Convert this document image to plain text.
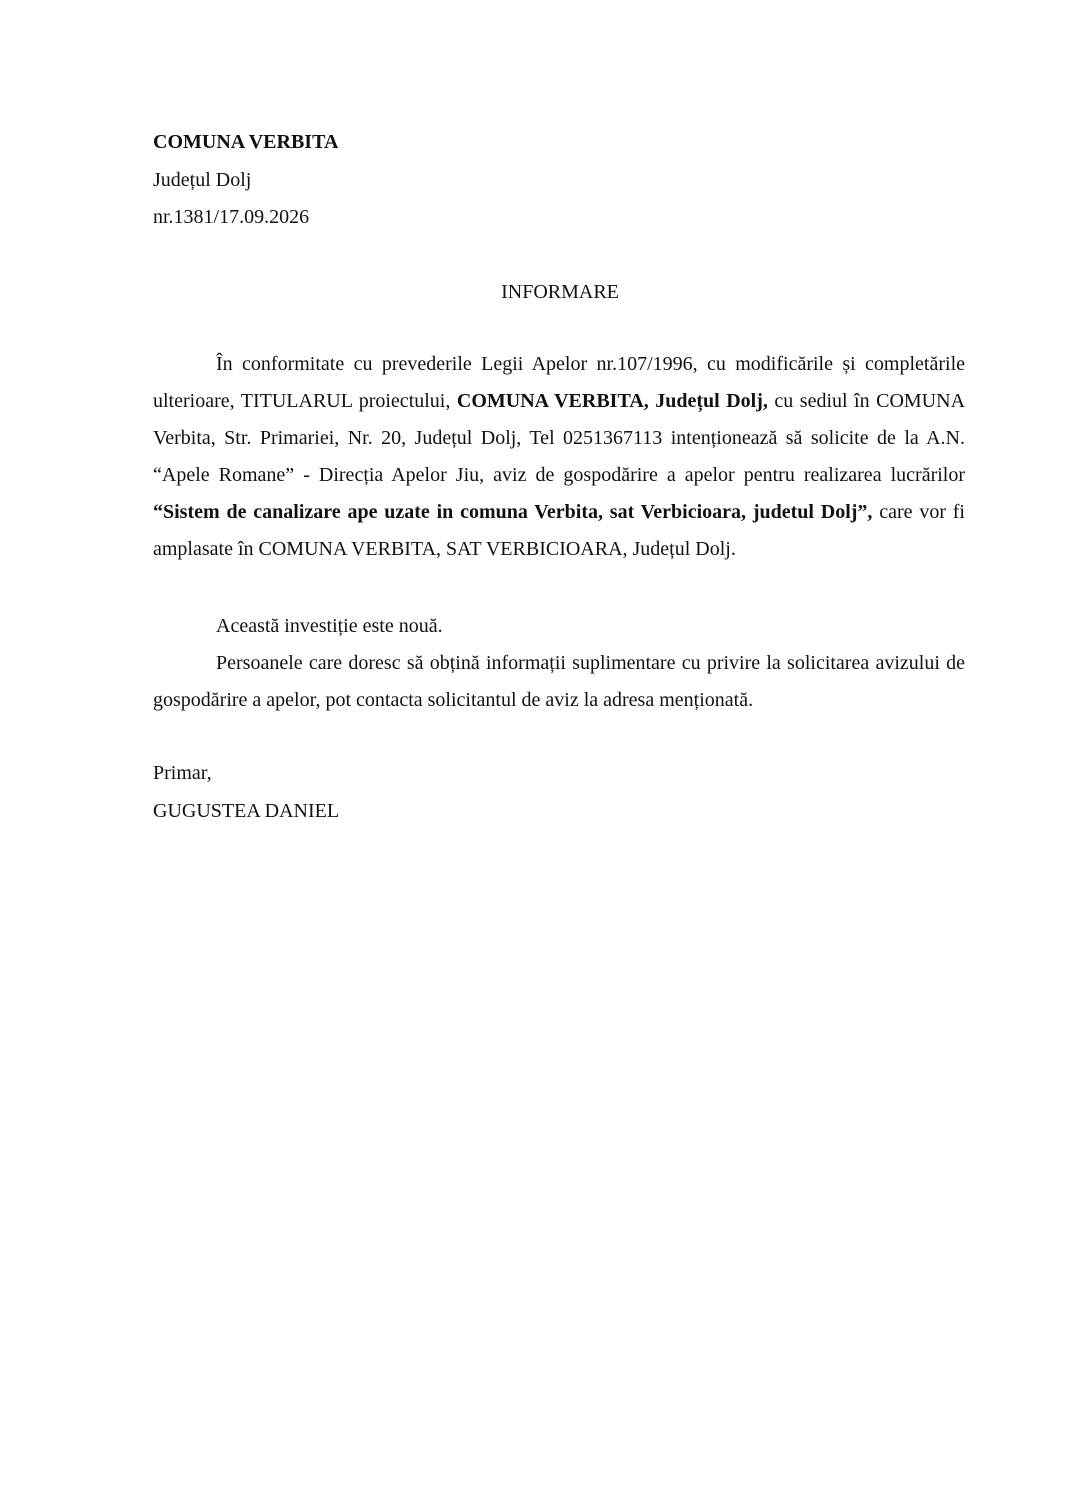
COMUNA VERBITA
Județul Dolj
nr.1381/17.09.2026
INFORMARE
În conformitate cu prevederile Legii Apelor nr.107/1996, cu modificările și completările ulterioare, TITULARUL proiectului, COMUNA VERBITA, Județul Dolj, cu sediul în COMUNA Verbita, Str. Primariei, Nr. 20, Județul Dolj, Tel 0251367113 intenționează să solicite de la A.N. “Apele Romane” - Direcția Apelor Jiu, aviz de gospodărire a apelor pentru realizarea lucrărilor “Sistem de canalizare ape uzate in comuna Verbita, sat Verbicioara, judetul Dolj”, care vor fi amplasate în COMUNA VERBITA, SAT VERBICIOARA, Județul Dolj.
Această investiție este nouă.
Persoanele care doresc să obțină informații suplimentare cu privire la solicitarea avizului de gospodărire a apelor, pot contacta solicitantul de aviz la adresa menționată.
Primar,
GUGUSTEA DANIEL
